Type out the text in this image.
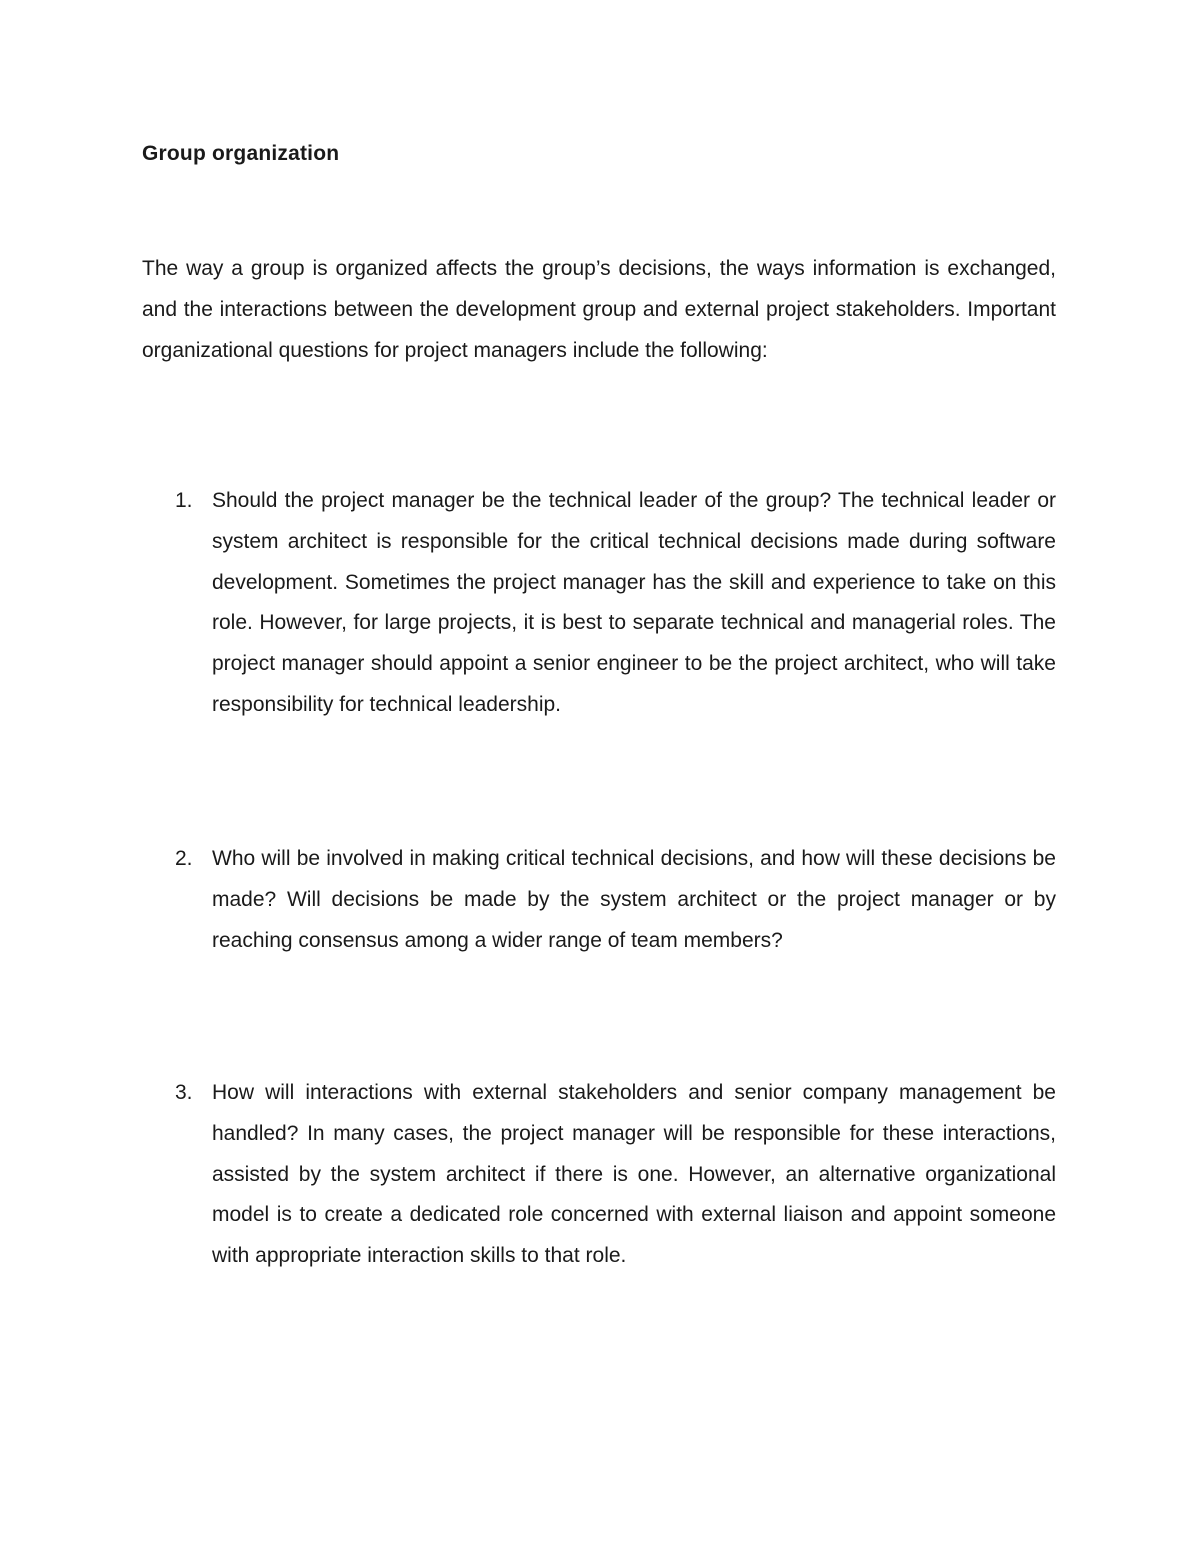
Group organization

The way a group is organized affects the group’s decisions, the ways information is exchanged, and the interactions between the development group and external project stakeholders. Important organizational questions for project managers include the following:

1. Should the project manager be the technical leader of the group? The technical leader or system architect is responsible for the critical technical decisions made during software development. Sometimes the project manager has the skill and experience to take on this role. However, for large projects, it is best to separate technical and managerial roles. The project manager should appoint a senior engineer to be the project architect, who will take responsibility for technical leadership.
2. Who will be involved in making critical technical decisions, and how will these decisions be made? Will decisions be made by the system architect or the project manager or by reaching consensus among a wider range of team members?
3. How will interactions with external stakeholders and senior company management be handled? In many cases, the project manager will be responsible for these interactions, assisted by the system architect if there is one. However, an alternative organizational model is to create a dedicated role concerned with external liaison and appoint someone with appropriate interaction skills to that role.
